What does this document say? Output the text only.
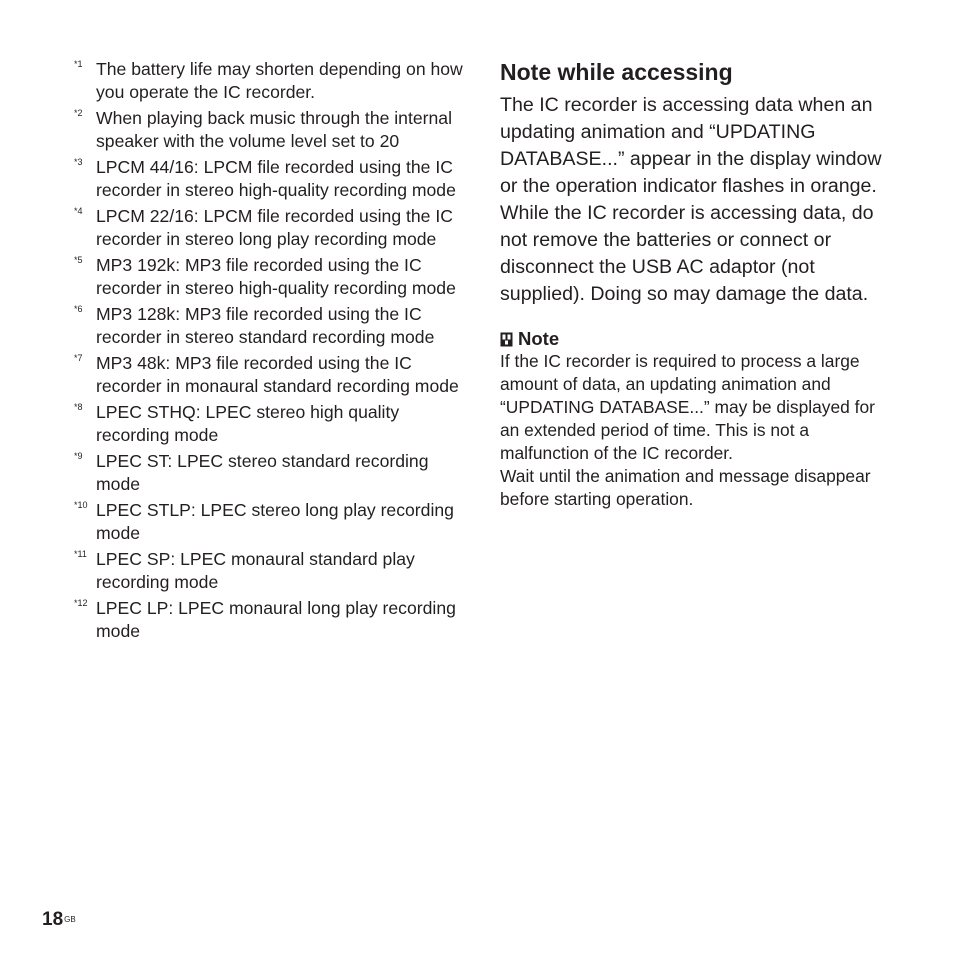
*1 The battery life may shorten depending on how you operate the IC recorder.
*2 When playing back music through the internal speaker with the volume level set to 20
*3 LPCM 44/16: LPCM file recorded using the IC recorder in stereo high-quality recording mode
*4 LPCM 22/16: LPCM file recorded using the IC recorder in stereo long play recording mode
*5 MP3 192k: MP3 file recorded using the IC recorder in stereo high-quality recording mode
*6 MP3 128k: MP3 file recorded using the IC recorder in stereo standard recording mode
*7 MP3 48k: MP3 file recorded using the IC recorder in monaural standard recording mode
*8 LPEC STHQ: LPEC stereo high quality recording mode
*9 LPEC ST: LPEC stereo standard recording mode
*10 LPEC STLP: LPEC stereo long play recording mode
*11 LPEC SP: LPEC monaural standard play recording mode
*12 LPEC LP: LPEC monaural long play recording mode
Note while accessing

The IC recorder is accessing data when an updating animation and “UPDATING DATABASE...” appear in the display window or the operation indicator flashes in orange. While the IC recorder is accessing data, do not remove the batteries or connect or disconnect the USB AC adaptor (not supplied). Doing so may damage the data.

Note

If the IC recorder is required to process a large amount of data, an updating animation and “UPDATING DATABASE...” may be displayed for an extended period of time. This is not a malfunction of the IC recorder.

Wait until the animation and message disappear before starting operation.

$18^{GB}$
